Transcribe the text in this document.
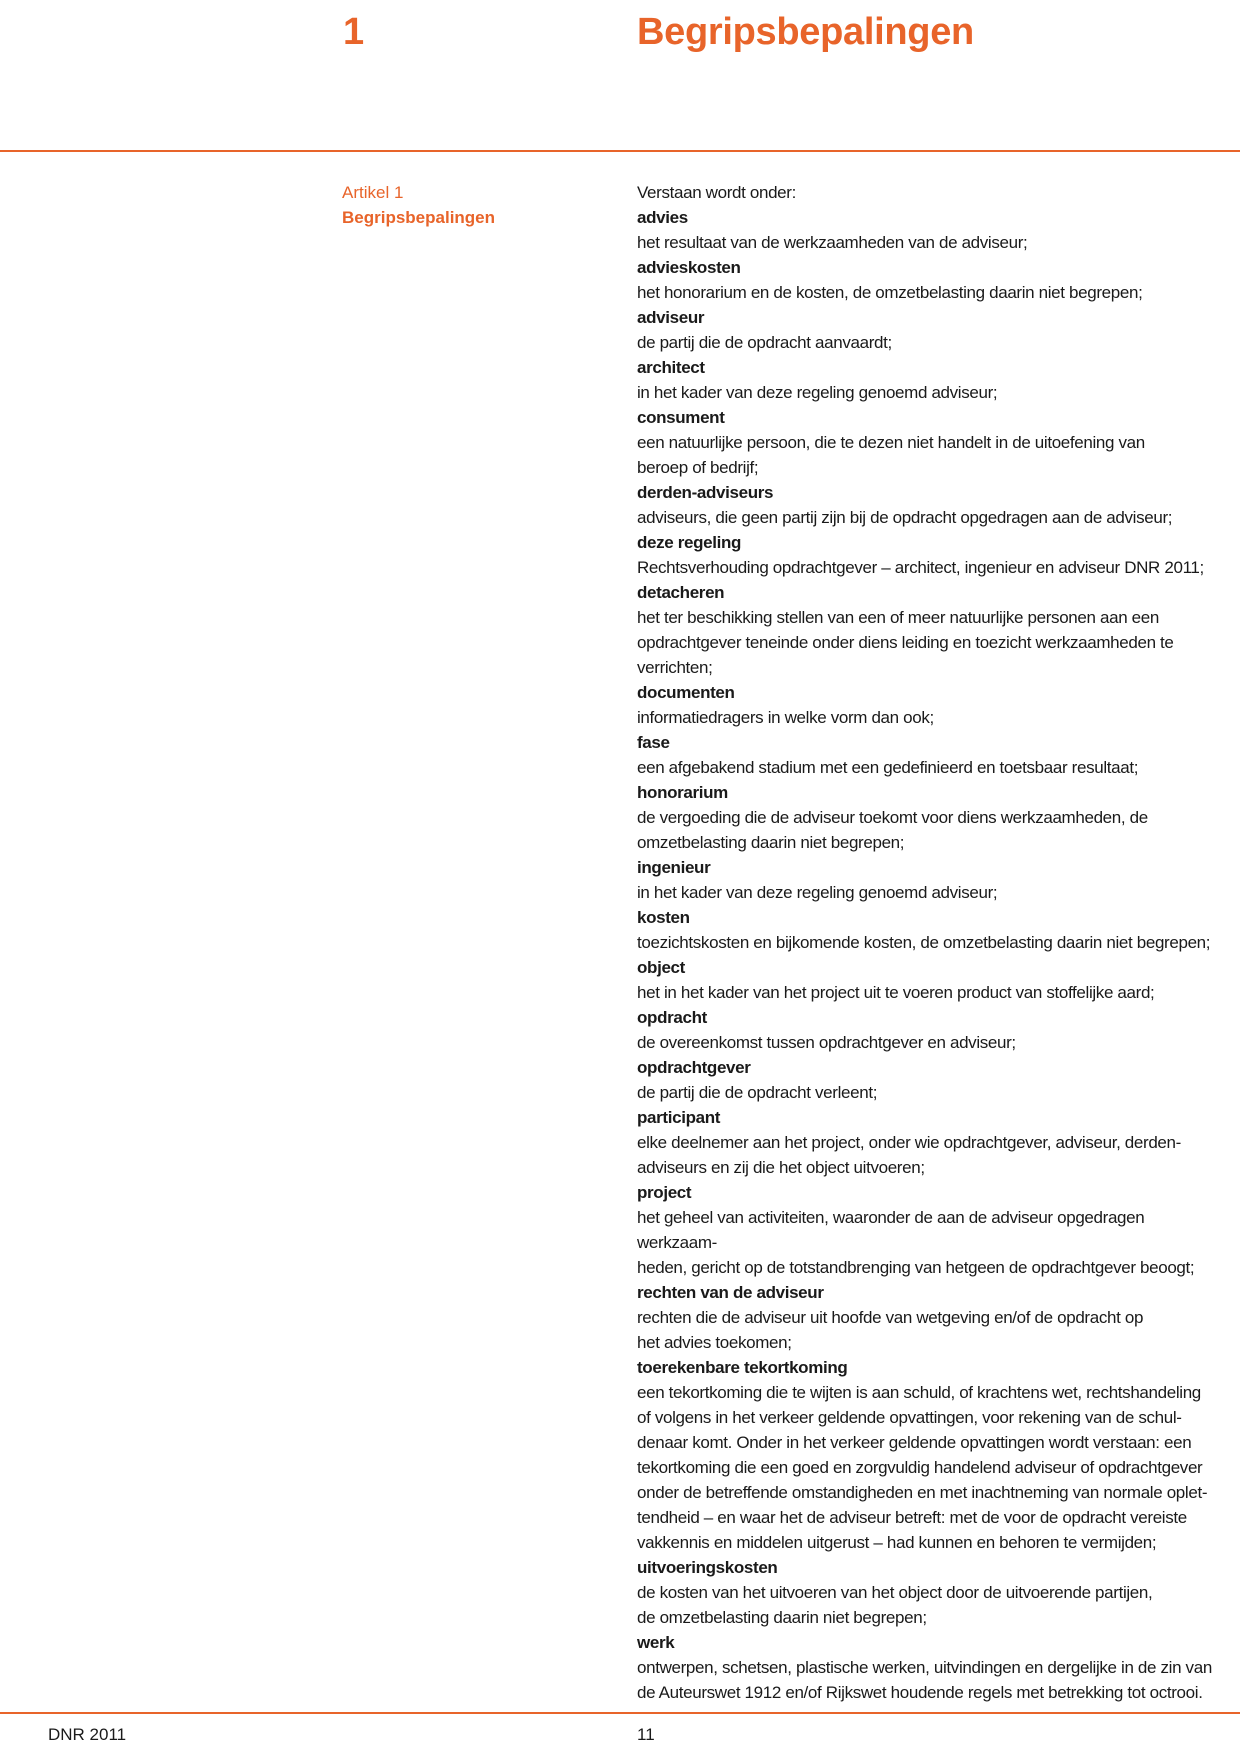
1	Begripsbepalingen
Artikel 1
Begripsbepalingen

Verstaan wordt onder:

advies

het resultaat van de werkzaamheden van de adviseur;

advieskosten

het honorarium en de kosten, de omzetbelasting daarin niet begrepen;

adviseur

de partij die de opdracht aanvaardt;

architect

in het kader van deze regeling genoemd adviseur;

consument

een natuurlijke persoon, die te dezen niet handelt in de uitoefening van
beroep of bedrijf;

derden-adviseurs

adviseurs, die geen partij zijn bij de opdracht opgedragen aan de adviseur;

deze regeling

Rechtsverhouding opdrachtgever – architect, ingenieur en adviseur DNR 2011;

detacheren

het ter beschikking stellen van een of meer natuurlijke personen aan een
opdrachtgever teneinde onder diens leiding en toezicht werkzaamheden te
verrichten;

documenten

informatiedragers in welke vorm dan ook;

fase

een afgebakend stadium met een gedefinieerd en toetsbaar resultaat;

honorarium

de vergoeding die de adviseur toekomt voor diens werkzaamheden, de
omzetbelasting daarin niet begrepen;

ingenieur

in het kader van deze regeling genoemd adviseur;

kosten

toezichtskosten en bijkomende kosten, de omzetbelasting daarin niet begrepen;

object

het in het kader van het project uit te voeren product van stoffelijke aard;

opdracht

de overeenkomst tussen opdrachtgever en adviseur;

opdrachtgever

de partij die de opdracht verleent;

participant

elke deelnemer aan het project, onder wie opdrachtgever, adviseur, derden-
adviseurs en zij die het object uitvoeren;

project

het geheel van activiteiten, waaronder de aan de adviseur opgedragen werkzaam-
heden, gericht op de totstandbrenging van hetgeen de opdrachtgever beoogt;

rechten van de adviseur

rechten die de adviseur uit hoofde van wetgeving en/of de opdracht op
het advies toekomen;

toerekenbare tekortkoming

een tekortkoming die te wijten is aan schuld, of krachtens wet, rechtshandeling
of volgens in het verkeer geldende opvattingen, voor rekening van de schul-
denaar komt. Onder in het verkeer geldende opvattingen wordt verstaan: een
tekortkoming die een goed en zorgvuldig handelend adviseur of opdrachtgever
onder de betreffende omstandigheden en met inachtneming van normale oplet-
tendheid – en waar het de adviseur betreft: met de voor de opdracht vereiste
vakkennis en middelen uitgerust – had kunnen en behoren te vermijden;

uitvoeringskosten

de kosten van het uitvoeren van het object door de uitvoerende partijen,
de omzetbelasting daarin niet begrepen;

werk

ontwerpen, schetsen, plastische werken, uitvindingen en dergelijke in de zin van
de Auteurswet 1912 en/of Rijkswet houdende regels met betrekking tot octrooi.

DNR 2011	11
